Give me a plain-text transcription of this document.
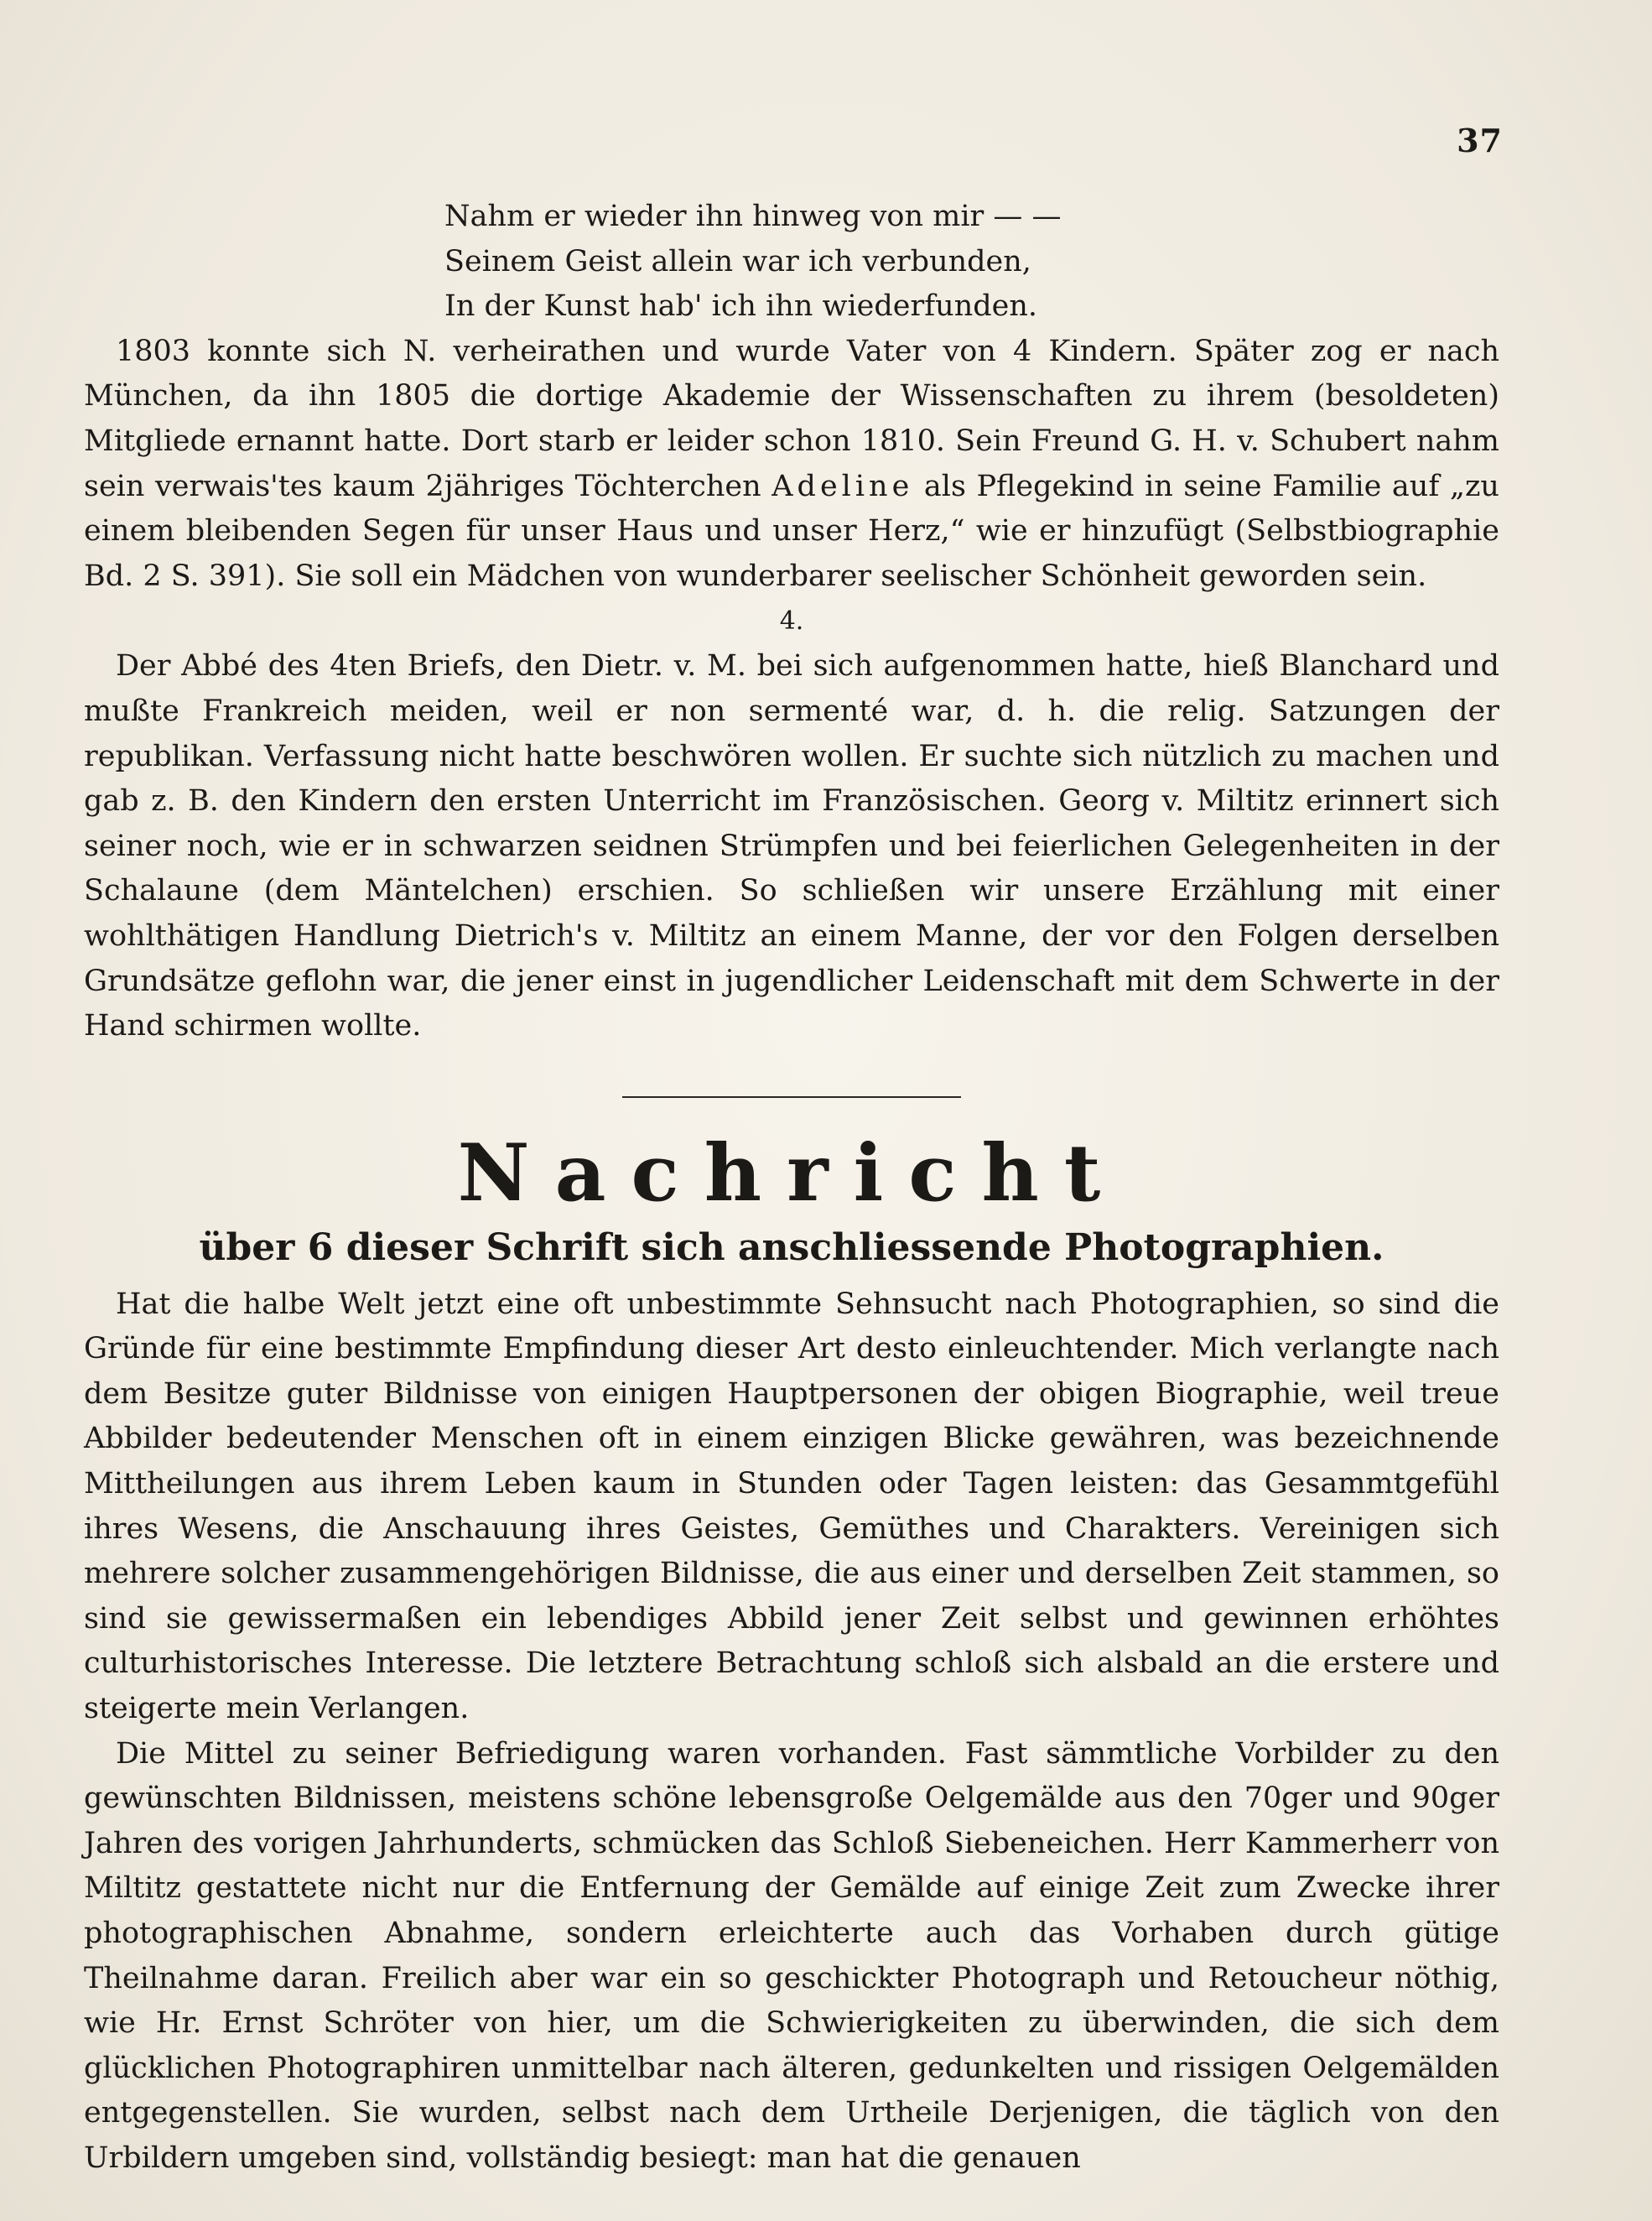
37
Nahm er wieder ihn hinweg von mir — —
Seinem Geist allein war ich verbunden,
In der Kunst hab' ich ihn wiederfunden.

1803 konnte sich N. verheirathen und wurde Vater von 4 Kindern. Später zog er nach München, da ihn 1805 die dortige Akademie der Wissenschaften zu ihrem (besoldeten) Mitgliede ernannt hatte. Dort starb er leider schon 1810. Sein Freund G. H. v. Schubert nahm sein verwais'tes kaum 2jähriges Töchterchen Adeline als Pflegekind in seine Familie auf „zu einem bleibenden Segen für unser Haus und unser Herz,“ wie er hinzufügt (Selbstbiographie Bd. 2 S. 391). Sie soll ein Mädchen von wunderbarer seelischer Schönheit geworden sein.

4.

Der Abbé des 4ten Briefs, den Dietr. v. M. bei sich aufgenommen hatte, hieß Blanchard und mußte Frankreich meiden, weil er non sermenté war, d. h. die relig. Satzungen der republikan. Verfassung nicht hatte beschwören wollen. Er suchte sich nützlich zu machen und gab z. B. den Kindern den ersten Unterricht im Französischen. Georg v. Miltitz erinnert sich seiner noch, wie er in schwarzen seidnen Strümpfen und bei feierlichen Gelegenheiten in der Schalaune (dem Mäntelchen) erschien. So schließen wir unsere Erzählung mit einer wohlthätigen Handlung Dietrich's v. Miltitz an einem Manne, der vor den Folgen derselben Grundsätze geflohn war, die jener einst in jugendlicher Leidenschaft mit dem Schwerte in der Hand schirmen wollte.

Nachricht
über 6 dieser Schrift sich anschliessende Photographien.

Hat die halbe Welt jetzt eine oft unbestimmte Sehnsucht nach Photographien, so sind die Gründe für eine bestimmte Empfindung dieser Art desto einleuchtender. Mich verlangte nach dem Besitze guter Bildnisse von einigen Hauptpersonen der obigen Biographie, weil treue Abbilder bedeutender Menschen oft in einem einzigen Blicke gewähren, was bezeichnende Mittheilungen aus ihrem Leben kaum in Stunden oder Tagen leisten: das Gesammtgefühl ihres Wesens, die Anschauung ihres Geistes, Gemüthes und Charakters. Vereinigen sich mehrere solcher zusammengehörigen Bildnisse, die aus einer und derselben Zeit stammen, so sind sie gewissermaßen ein lebendiges Abbild jener Zeit selbst und gewinnen erhöhtes culturhistorisches Interesse. Die letztere Betrachtung schloß sich alsbald an die erstere und steigerte mein Verlangen.

Die Mittel zu seiner Befriedigung waren vorhanden. Fast sämmtliche Vorbilder zu den gewünschten Bildnissen, meistens schöne lebensgroße Oelgemälde aus den 70ger und 90ger Jahren des vorigen Jahrhunderts, schmücken das Schloß Siebeneichen. Herr Kammerherr von Miltitz gestattete nicht nur die Entfernung der Gemälde auf einige Zeit zum Zwecke ihrer photographischen Abnahme, sondern erleichterte auch das Vorhaben durch gütige Theilnahme daran. Freilich aber war ein so geschickter Photograph und Retoucheur nöthig, wie Hr. Ernst Schröter von hier, um die Schwierigkeiten zu überwinden, die sich dem glücklichen Photographiren unmittelbar nach älteren, gedunkelten und rissigen Oelgemälden entgegenstellen. Sie wurden, selbst nach dem Urtheile Derjenigen, die täglich von den Urbildern umgeben sind, vollständig besiegt: man hat die genauen
